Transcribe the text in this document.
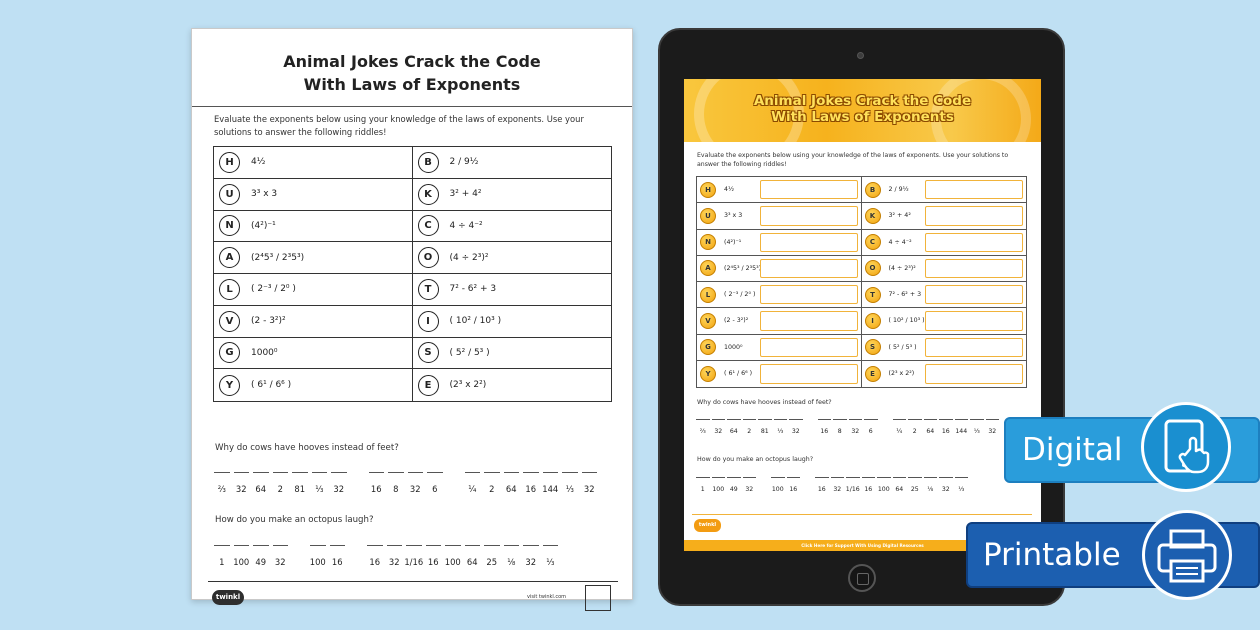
Animal Jokes Crack the Code
With Laws of Exponents
Evaluate the exponents below using your knowledge of the laws of exponents. Use your solutions to answer the following riddles!
H	4½	B	2 / 9½
U	3³ x 3	K	3² + 4²
N	(4²)⁻¹	C	4 ÷ 4⁻²
A	(2⁴5³ / 2³5³)	O	(4 ÷ 2³)²
L	( 2⁻³ / 2⁰ )	T	7² - 6² + 3
V	(2 - 3²)²	I	( 10² / 10³ )
G	1000⁰	S	( 5² / 5³ )
Y	( 6¹ / 6⁶ )	E	(2³ x 2²)
Why do cows have hooves instead of feet?
⅔	32	64	2	81	⅓	32	16	8	32	6	¼	2	64	16 144 ⅓	32
How do you make an octopus laugh?
1	100 49	32	100 16	16	32 1/16 16 100 64	25	⅛	32	⅓
twinkl	visit twinkl.com
Animal Jokes Crack the Code
With Laws of Exponents
Evaluate the exponents below using your knowledge of the laws of exponents. Use your solutions to answer the following riddles!
H	4½	B	2 / 9½
U	3³ x 3	K	3² + 4²
N	(4²)⁻¹	C	4 ÷ 4⁻²
A	(2⁴5³ / 2³5³)	O	(4 ÷ 2³)²
L	( 2⁻³ / 2⁰ )	T	7² - 6² + 3
V	(2 - 3²)²	I	( 10² / 10³ )
G	1000⁰	S	( 5² / 5³ )
Y	( 6¹ / 6⁶ )	E	(2³ x 2²)
Why do cows have hooves instead of feet?
⅔	32	64	2	81	⅓	32	16	8	32	6	¼	2	64	16 144	⅓	32
How do you make an octopus laugh?
1	100 49	32	100 16	16	32 1/16 16 100 64	25	⅛	32	⅓
twinkl
Click Here for Support With Using Digital Resources
Digital
Printable
